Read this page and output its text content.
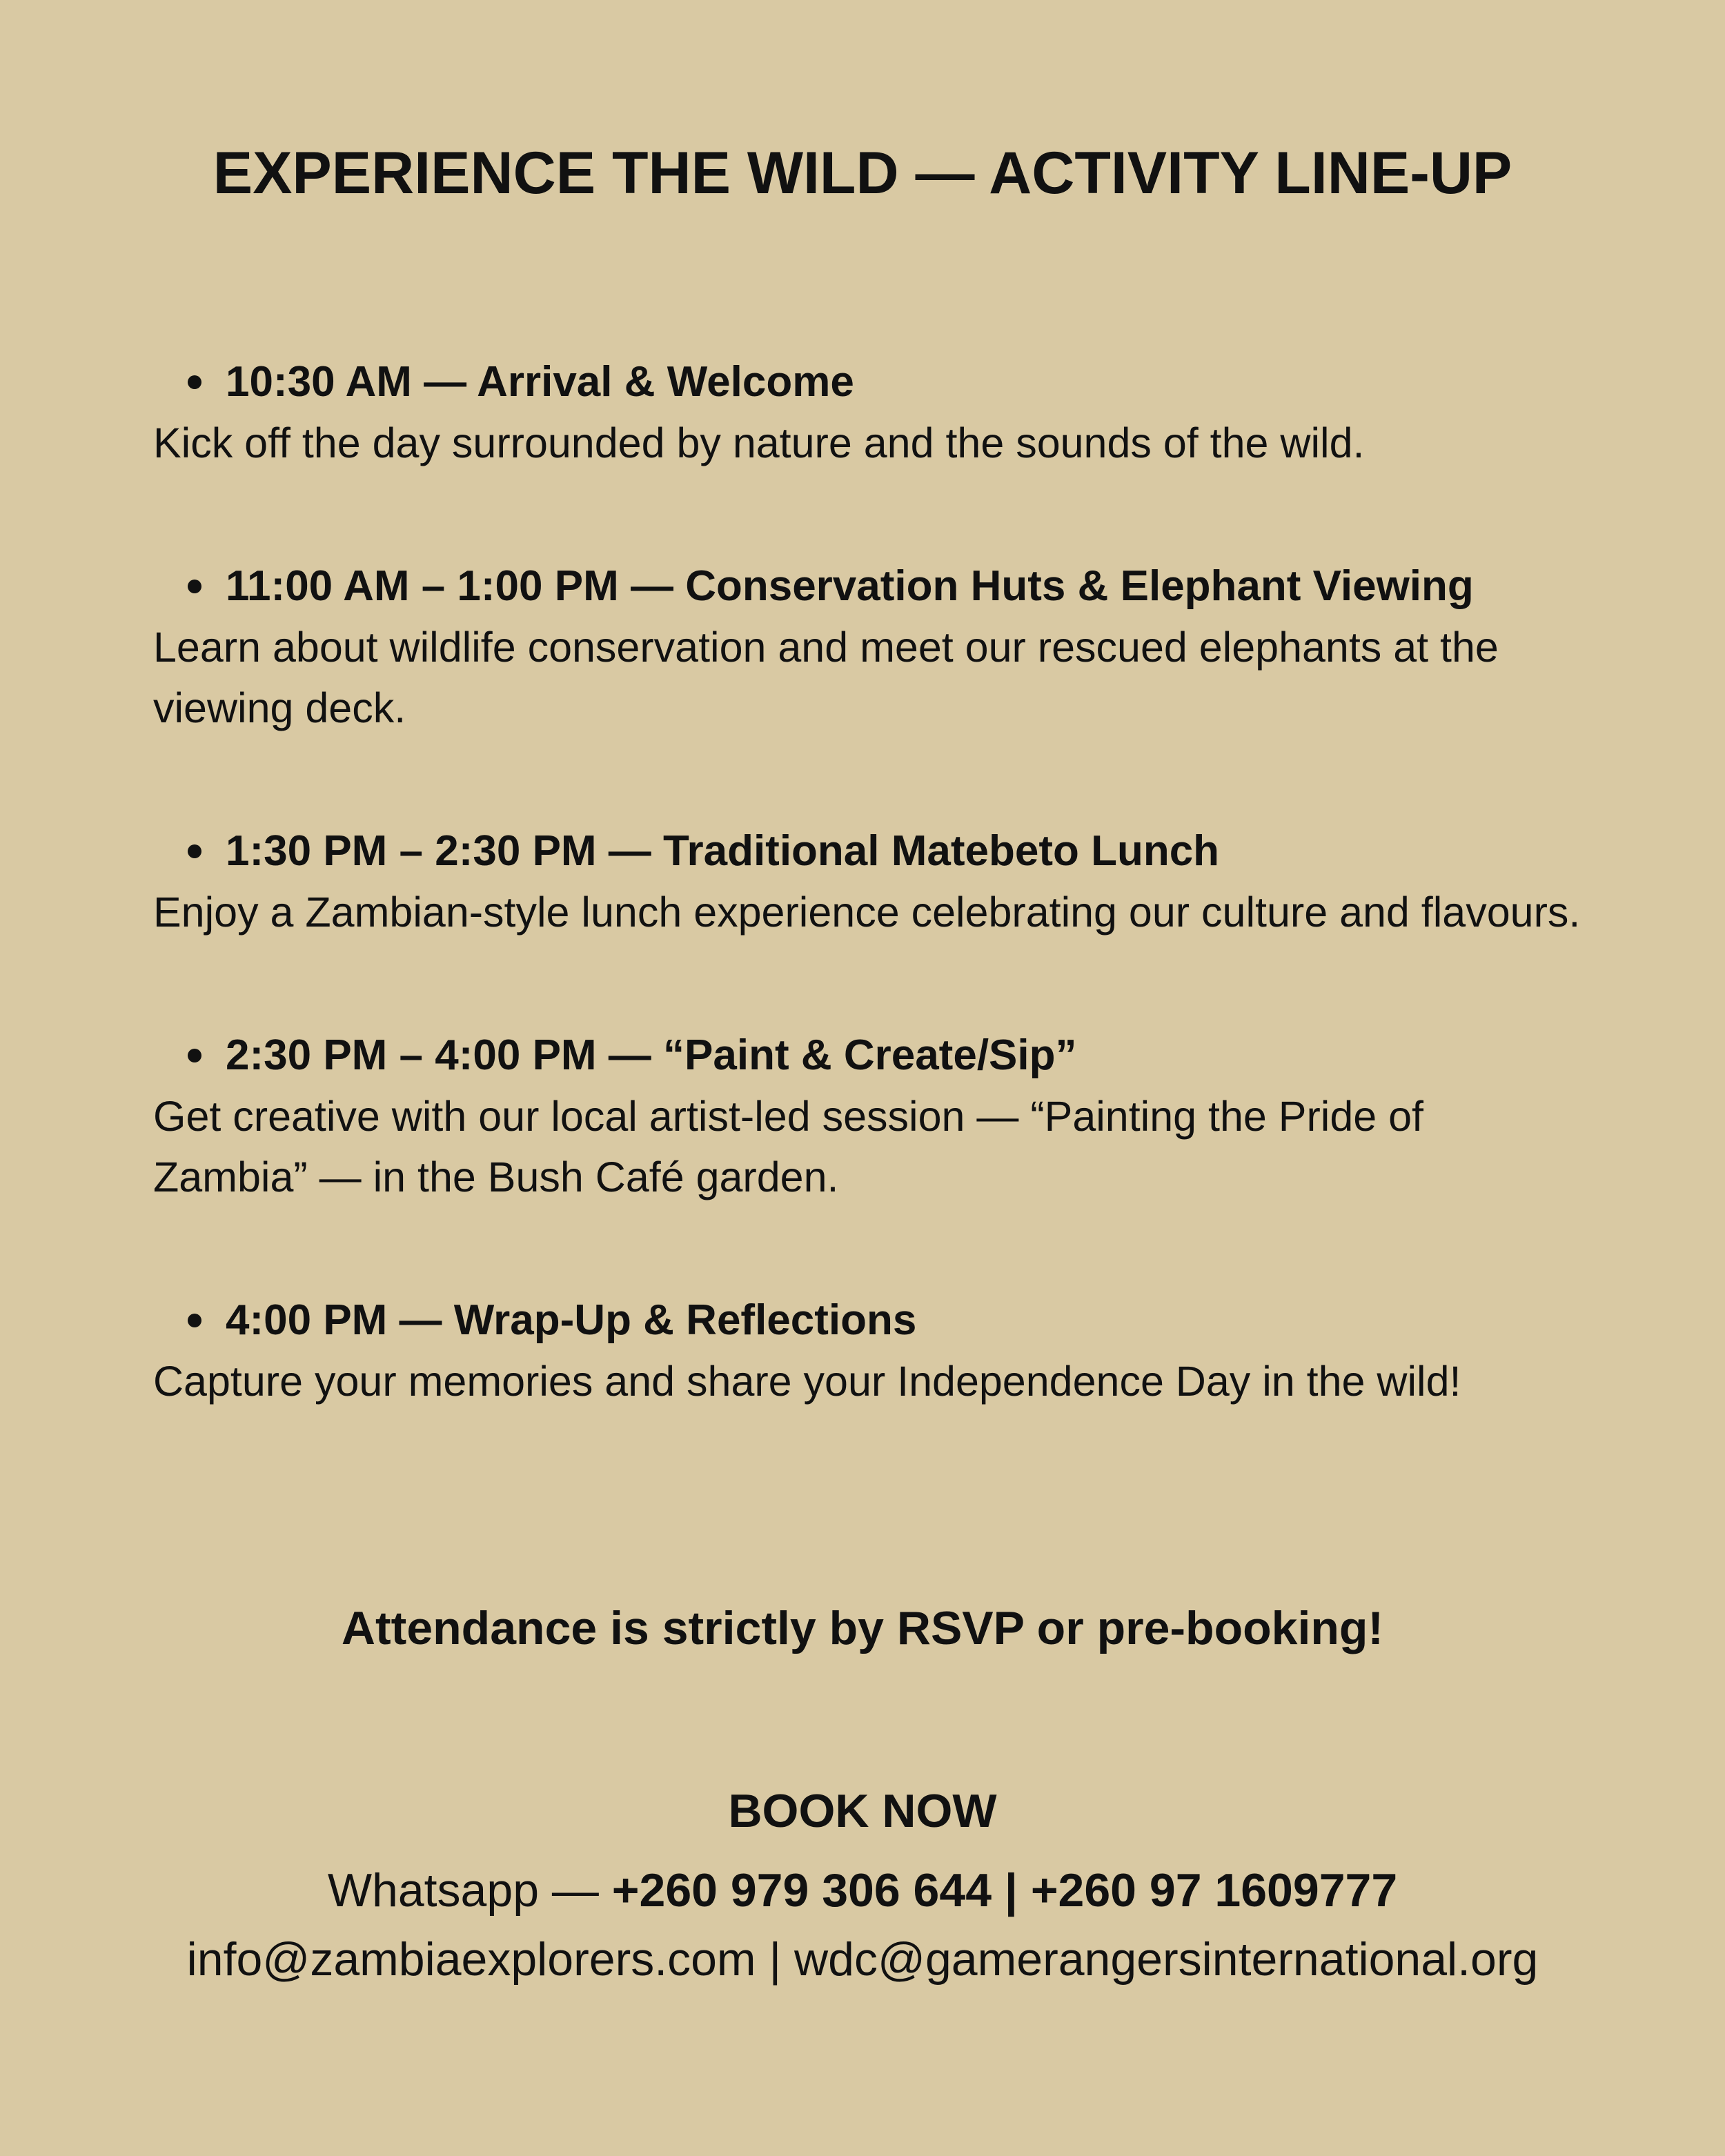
EXPERIENCE THE WILD — ACTIVITY LINE-UP
10:30 AM — Arrival & Welcome
Kick off the day surrounded by nature and the sounds of the wild.
11:00 AM – 1:00 PM — Conservation Huts & Elephant Viewing
Learn about wildlife conservation and meet our rescued elephants at the viewing deck.
1:30 PM – 2:30 PM — Traditional Matebeto Lunch
Enjoy a Zambian-style lunch experience celebrating our culture and flavours.
2:30 PM – 4:00 PM — “Paint & Create/Sip”
Get creative with our local artist-led session — “Painting the Pride of Zambia” — in the Bush Café garden.
4:00 PM — Wrap-Up & Reflections
Capture your memories and share your Independence Day in the wild!
Attendance is strictly by RSVP or pre-booking!
BOOK NOW
Whatsapp — +260 979 306 644 | +260 97 1609777
info@zambiaexplorers.com | wdc@gamerangersinternational.org
